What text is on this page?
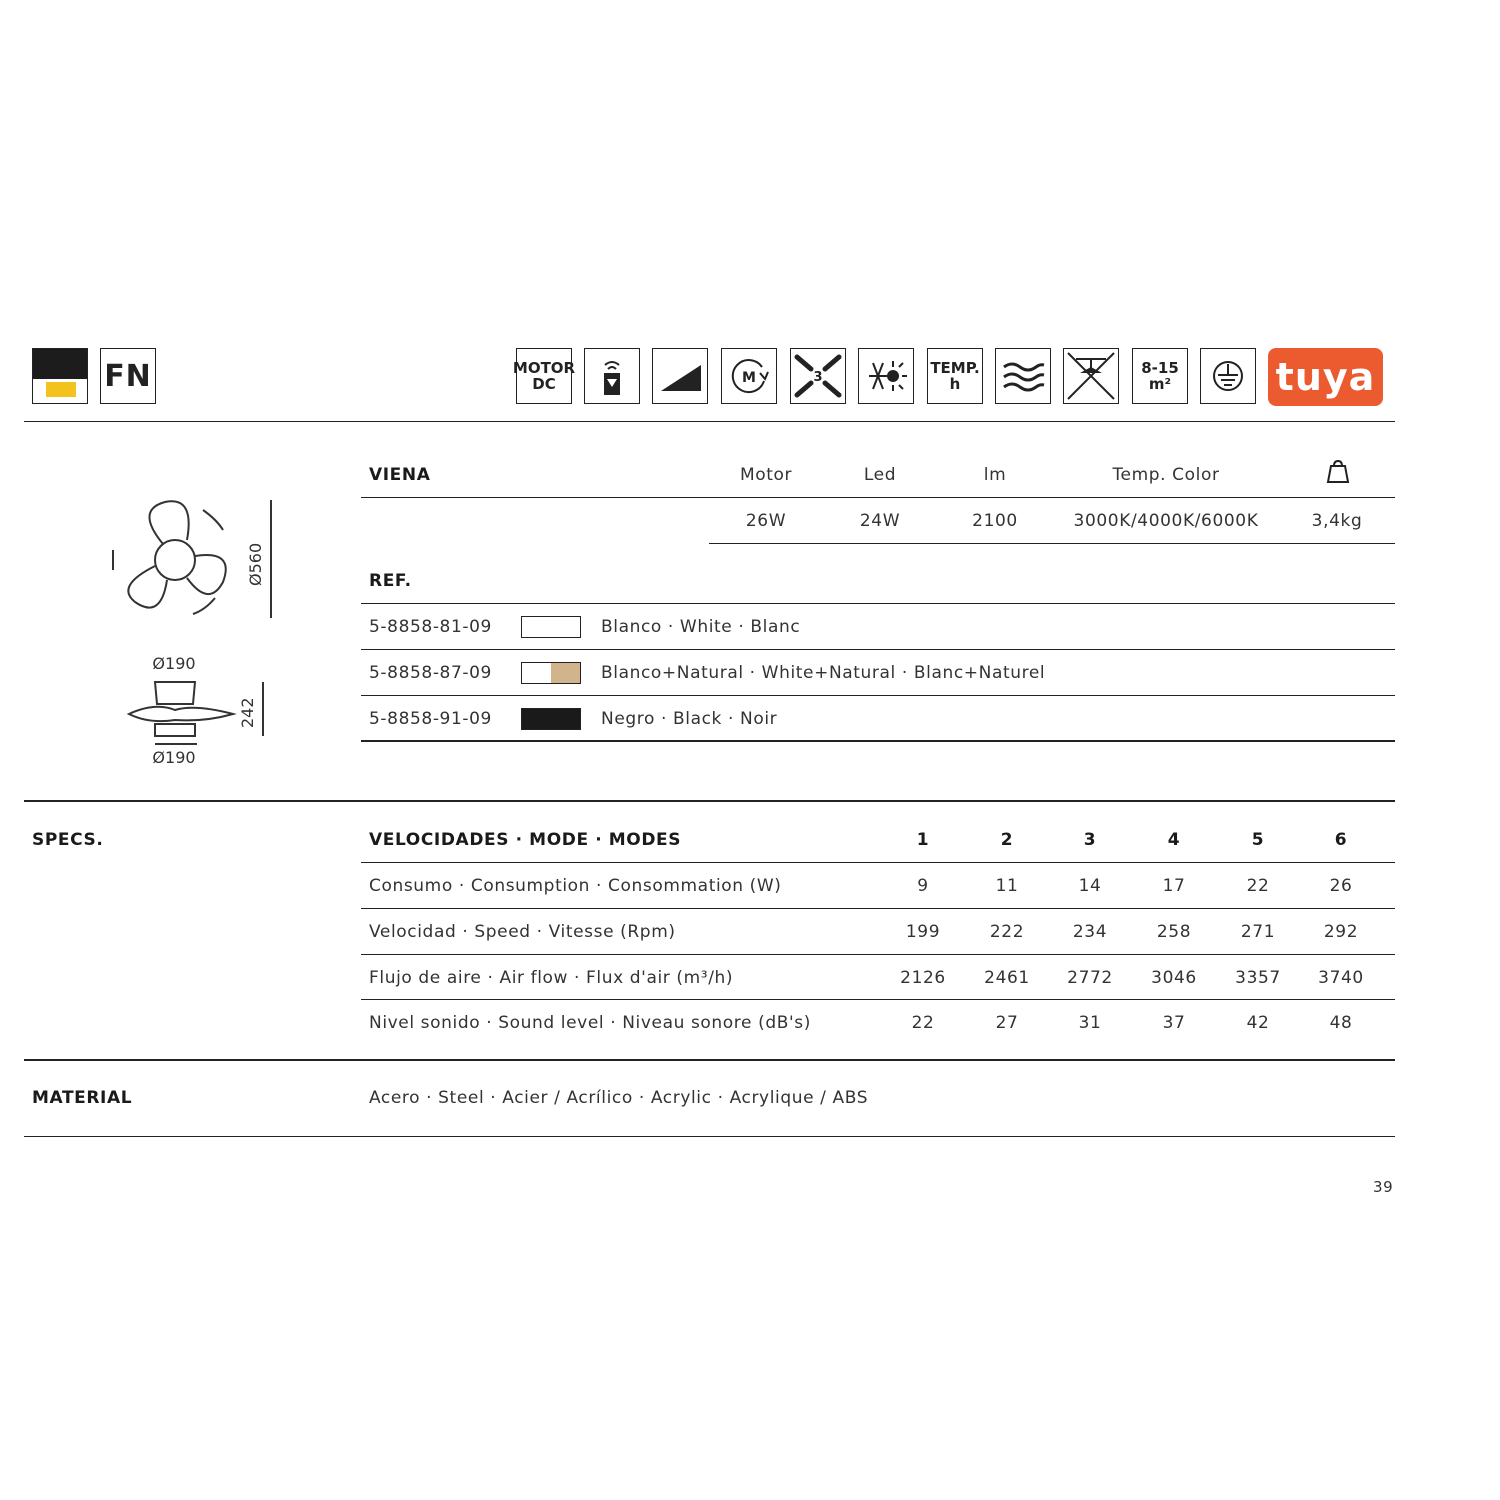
FN	MOTOR
DC	M	3
TEMP.
h
8-15
m²	tuya
Ø560
Ø190
242
Ø190
VIENA	Motor	Led	lm	Temp. Color
26W	24W	2100	3000K/4000K/6000K	3,4kg
REF.
5-8858-81-09	Blanco · White · Blanc
5-8858-87-09	Blanco+Natural · White+Natural · Blanc+Naturel
5-8858-91-09	Negro · Black · Noir
SPECS.	VELOCIDADES · MODE · MODES	1	2	3	4	5	6
Consumo · Consumption · Consommation (W)	9	11	14	17	22	26
Velocidad · Speed · Vitesse (Rpm)	199	222	234	258	271	292
Flujo de aire · Air flow · Flux d'air (m³/h)	2126 2461 2772 3046 3357 3740
Nivel sonido · Sound level · Niveau sonore (dB's)	22	27	31	37	42	48
MATERIAL	Acero · Steel · Acier / Acrílico · Acrylic · Acrylique / ABS
39
